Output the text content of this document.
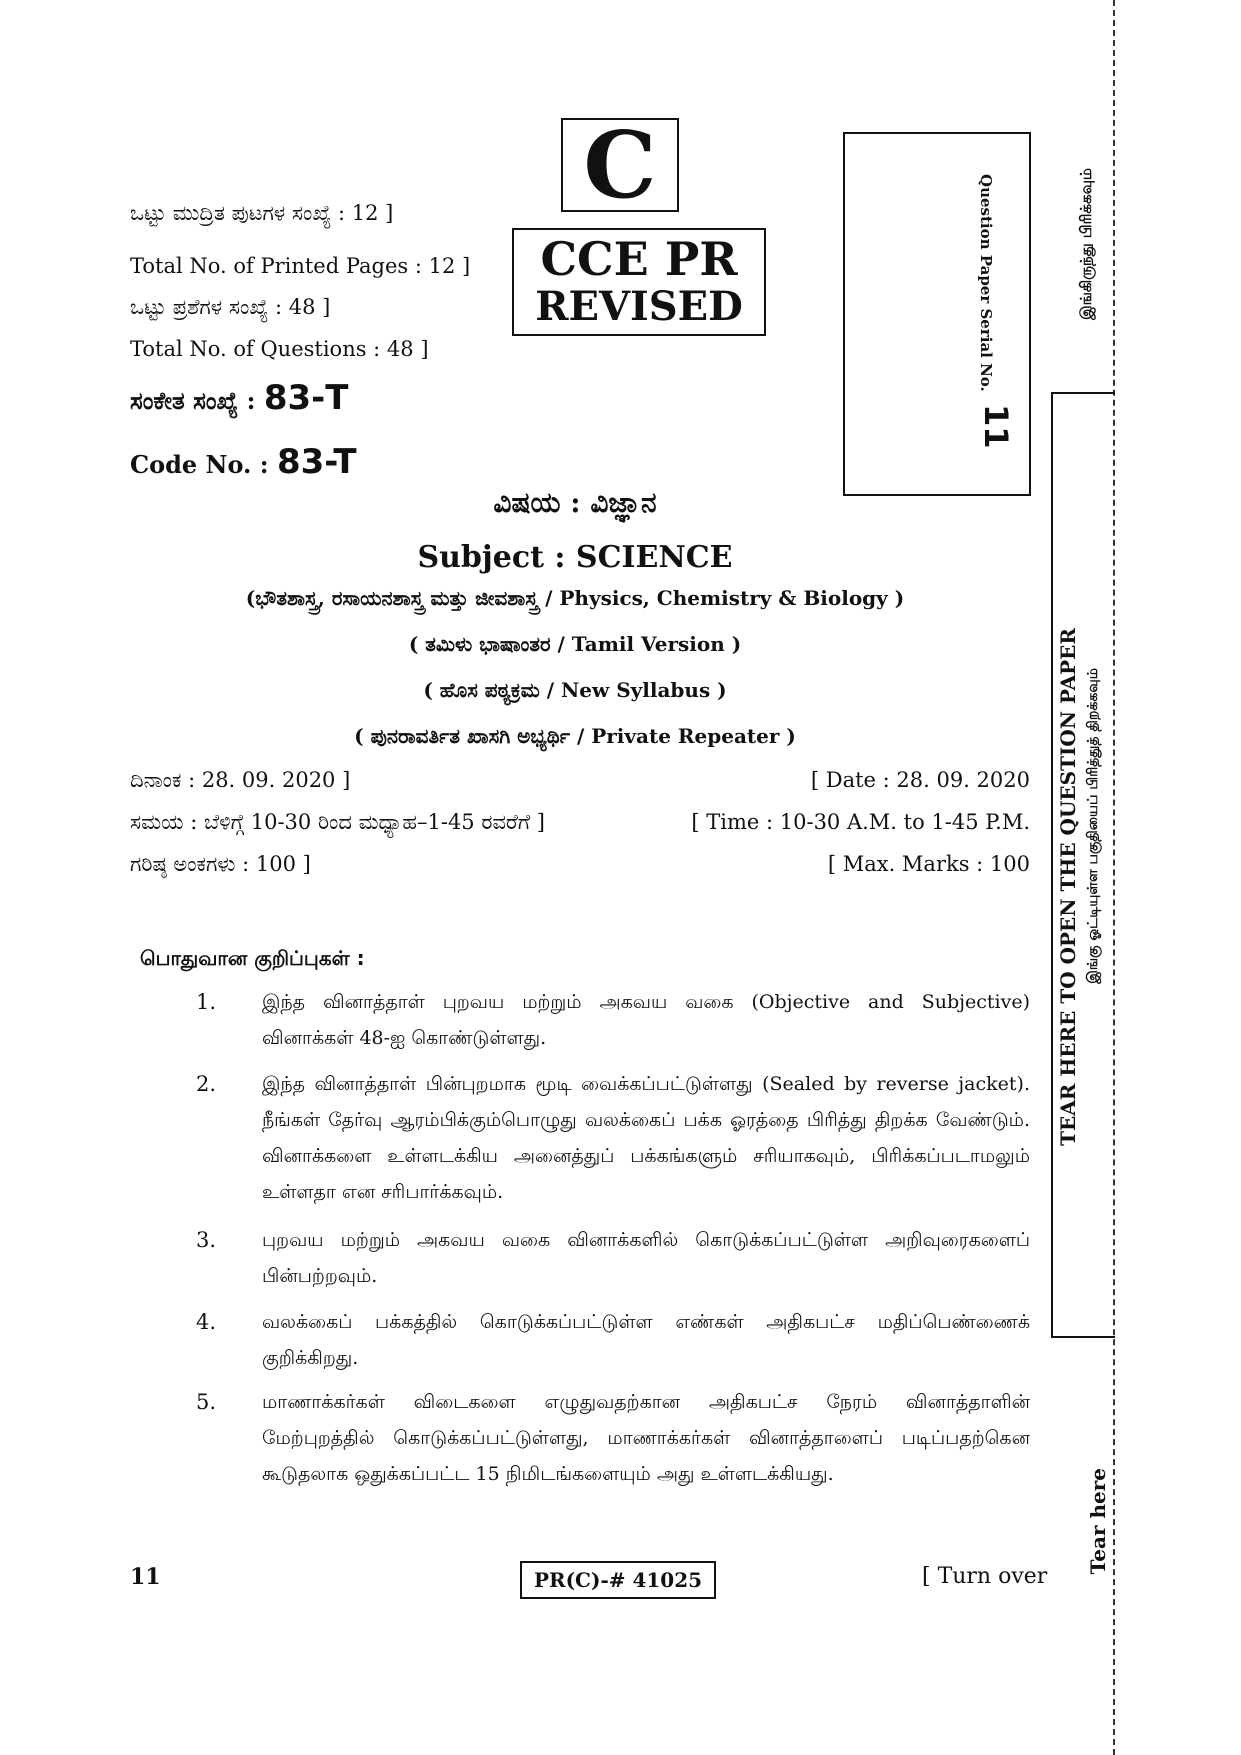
இங்கிருந்து பிரிக்கவும்
TEAR HERE TO OPEN THE QUESTION PAPER இங்கு ஓட்டியுள்ள பகுதியைப் பிரித்துத் திறக்கவும்
Tear here
C
CCE PR
REVISED	Question Paper Serial No.
11
ಒಟ್ಟು ಮುದ್ರಿತ ಪುಟಗಳ ಸಂಖ್ಯೆ : 12 ]
Total No. of Printed Pages : 12 ]
ಒಟ್ಟು ಪ್ರಶೆಗಳ ಸಂಖ್ಯೆ : 48 ]
Total No. of Questions : 48 ]
ಸಂಕೇತ ಸಂಖ್ಯೆ : 83-T
Code No. : 83-T
ವಿಷಯ : ವಿಜ್ಞಾನ
Subject : SCIENCE
(ಭೌತಶಾಸ್ತ್ರ, ರಸಾಯನಶಾಸ್ತ್ರ ಮತ್ತು ಜೀವಶಾಸ್ತ್ರ / Physics, Chemistry & Biology )
( ತಮಿಳು ಭಾಷಾಂತರ / Tamil Version )
( ಹೊಸ ಪಠ್ಯಕ್ರಮ / New Syllabus )
( ಪುನರಾವರ್ತಿತ ಖಾಸಗಿ ಅಭ್ಯರ್ಥಿ / Private Repeater )
ದಿನಾಂಕ : 28. 09. 2020 ]	[ Date : 28. 09. 2020
ಸಮಯ : ಬೆಳಿಗ್ಗೆ 10-30 ರಿಂದ ಮಧ್ಯಾಹ–1-45 ರವರೆಗೆ ]	[ Time : 10-30 A.M. to 1-45 P.M.
ಗರಿಷ್ಠ ಅಂಕಗಳು : 100 ]	[ Max. Marks : 100
பொதுவான குறிப்புகள் :
1.	இந்த வினாத்தாள் புறவய மற்றும் அகவய வகை (Objective and Subjective) வினாக்கள் 48-ஐ கொண்டுள்ளது.
2.	இந்த வினாத்தாள் பின்புறமாக மூடி வைக்கப்பட்டுள்ளது (Sealed by reverse jacket). நீங்கள் தேர்வு ஆரம்பிக்கும்பொழுது வலக்கைப் பக்க ஓரத்தை பிரித்து திறக்க வேண்டும். வினாக்களை உள்ளடக்கிய அனைத்துப் பக்கங்களும் சரியாகவும், பிரிக்கப்படாமலும் உள்ளதா என சரிபார்க்கவும்.
3.	புறவய மற்றும் அகவய வகை வினாக்களில் கொடுக்கப்பட்டுள்ள அறிவுரைகளைப் பின்பற்றவும்.
4.	வலக்கைப் பக்கத்தில் கொடுக்கப்பட்டுள்ள எண்கள் அதிகபட்ச மதிப்பெண்ணைக் குறிக்கிறது.
5.	மாணாக்கர்கள் விடைகளை எழுதுவதற்கான அதிகபட்ச நேரம் வினாத்தாளின் மேற்புறத்தில் கொடுக்கப்பட்டுள்ளது, மாணாக்கர்கள் வினாத்தாளைப் படிப்பதற்கென கூடுதலாக ஒதுக்கப்பட்ட 15 நிமிடங்களையும் அது உள்ளடக்கியது.
11	PR(C)-# 41025	[ Turn over
